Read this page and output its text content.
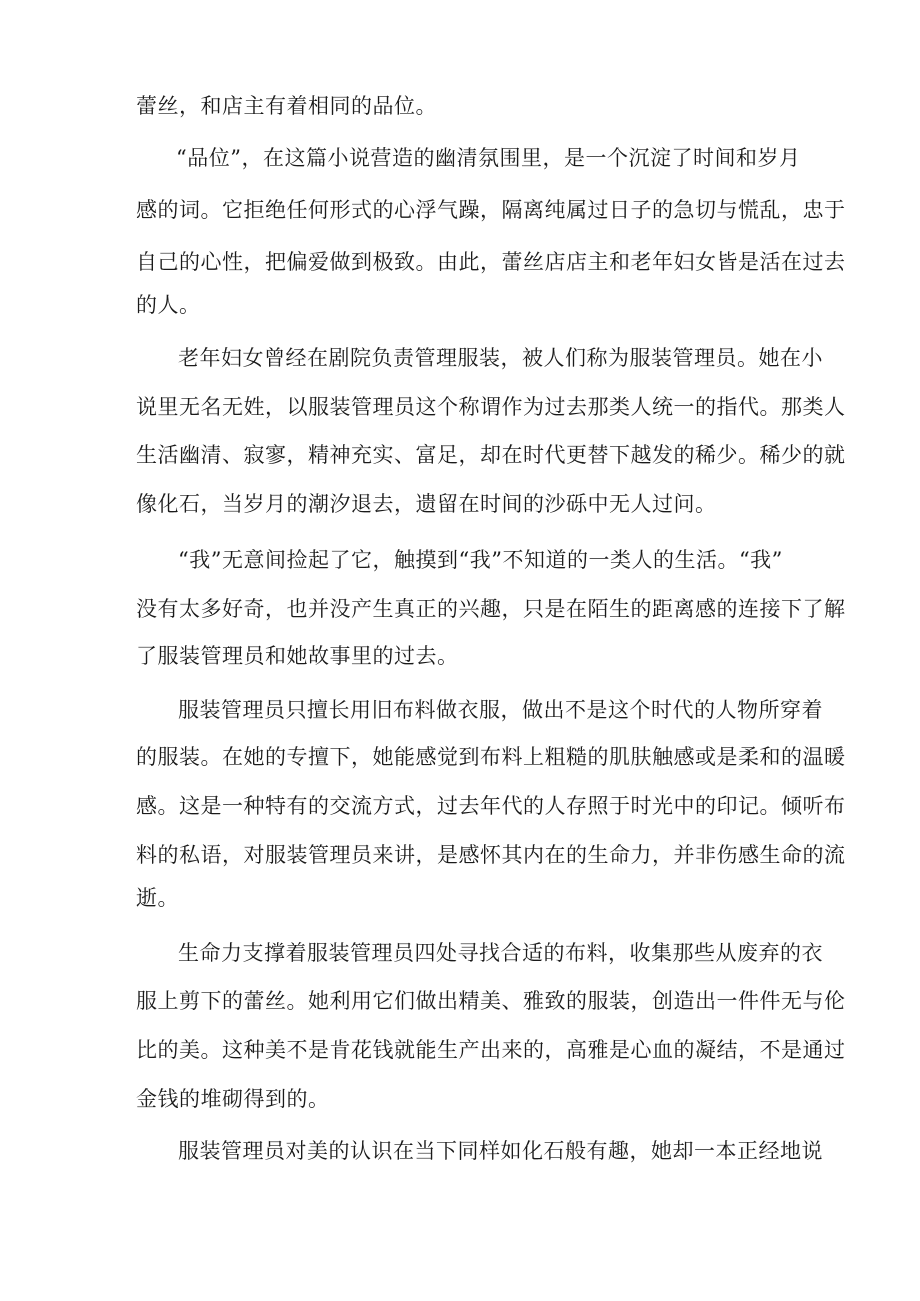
蕾丝，和店主有着相同的品位。
“品位”，在这篇小说营造的幽清氛围里，是一个沉淀了时间和岁月
感的词。它拒绝任何形式的心浮气躁，隔离纯属过日子的急切与慌乱，忠于
自己的心性，把偏爱做到极致。由此，蕾丝店店主和老年妇女皆是活在过去
的人。
老年妇女曾经在剧院负责管理服装，被人们称为服装管理员。她在小
说里无名无姓，以服装管理员这个称谓作为过去那类人统一的指代。那类人
生活幽清、寂寥，精神充实、富足，却在时代更替下越发的稀少。稀少的就
像化石，当岁月的潮汐退去，遗留在时间的沙砾中无人过问。
“我”无意间捡起了它，触摸到“我”不知道的一类人的生活。“我”
没有太多好奇，也并没产生真正的兴趣，只是在陌生的距离感的连接下了解
了服装管理员和她故事里的过去。
服装管理员只擅长用旧布料做衣服，做出不是这个时代的人物所穿着
的服装。在她的专擅下，她能感觉到布料上粗糙的肌肤触感或是柔和的温暖
感。这是一种特有的交流方式，过去年代的人存照于时光中的印记。倾听布
料的私语，对服装管理员来讲，是感怀其内在的生命力，并非伤感生命的流
逝。
生命力支撑着服装管理员四处寻找合适的布料，收集那些从废弃的衣
服上剪下的蕾丝。她利用它们做出精美、雅致的服装，创造出一件件无与伦
比的美。这种美不是肯花钱就能生产出来的，高雅是心血的凝结，不是通过
金钱的堆砌得到的。
服装管理员对美的认识在当下同样如化石般有趣，她却一本正经地说
